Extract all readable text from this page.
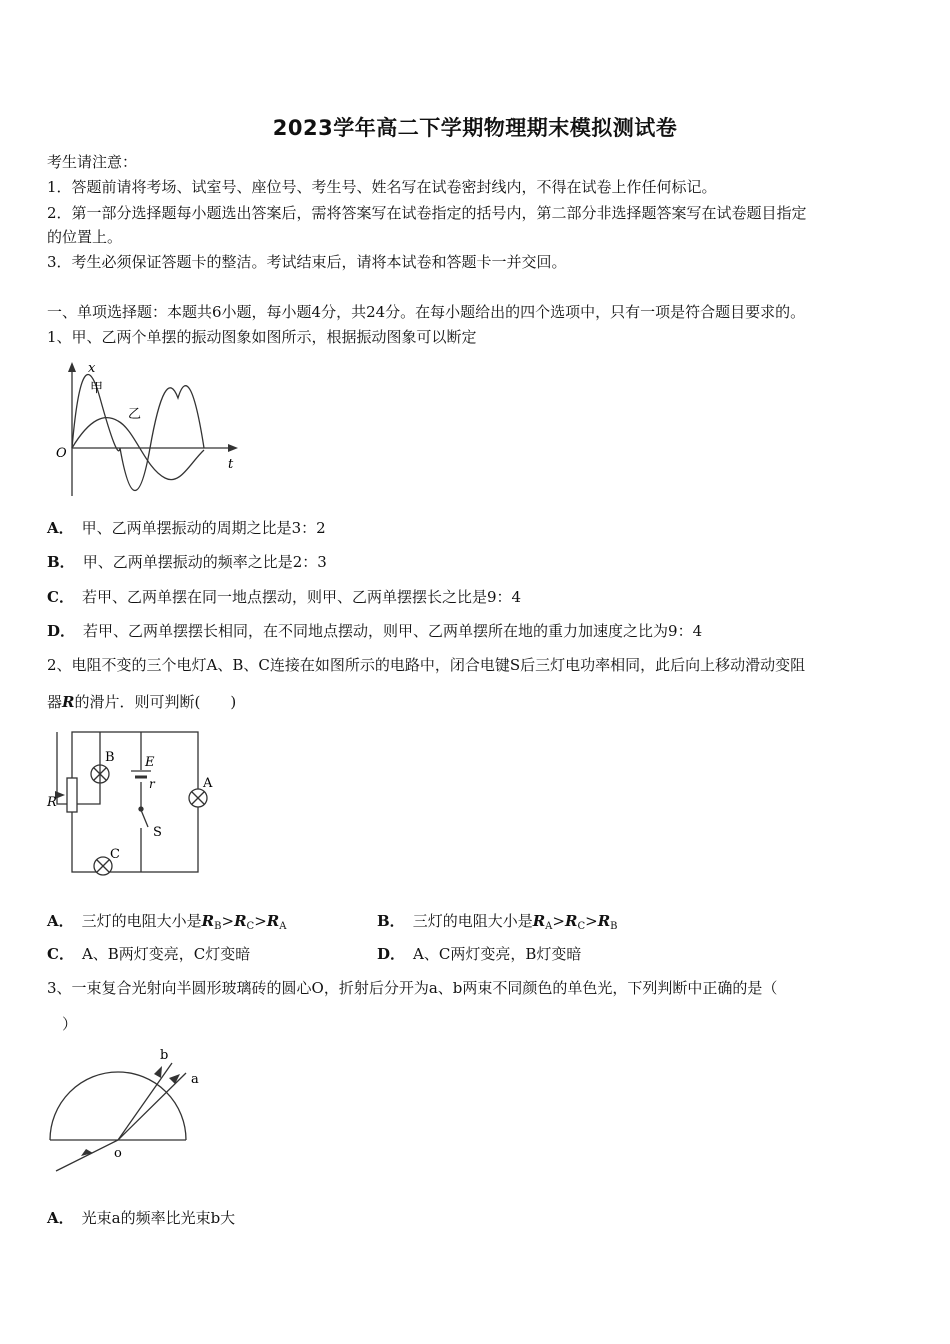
2023学年高二下学期物理期末模拟测试卷
考生请注意：
1．答题前请将考场、试室号、座位号、考生号、姓名写在试卷密封线内，不得在试卷上作任何标记。
2．第一部分选择题每小题选出答案后，需将答案写在试卷指定的括号内，第二部分非选择题答案写在试卷题目指定
的位置上。
3．考生必须保证答题卡的整洁。考试结束后，请将本试卷和答题卡一并交回。
一、单项选择题：本题共6小题，每小题4分，共24分。在每小题给出的四个选项中，只有一项是符合题目要求的。
1、甲、乙两个单摆的振动图象如图所示，根据振动图象可以断定
x
甲
乙
O
t
A． 甲、乙两单摆振动的周期之比是3：2
B． 甲、乙两单摆振动的频率之比是2：3
C． 若甲、乙两单摆在同一地点摆动，则甲、乙两单摆摆长之比是9：4
D． 若甲、乙两单摆摆长相同，在不同地点摆动，则甲、乙两单摆所在地的重力加速度之比为9：4
2、电阻不变的三个电灯A、B、C连接在如图所示的电路中，闭合电键S后三灯电功率相同，此后向上移动滑动变阻
器R的滑片．则可判断(　　)
B E
r	A
R
S
C
A． 三灯的电阻大小是$R_B>R_C>R_A$	B． 三灯的电阻大小是$R_A>R_C>R_B$
C． A、B两灯变亮，C灯变暗	D． A、C两灯变亮，B灯变暗
3、一束复合光射向半圆形玻璃砖的圆心O，折射后分开为a、b两束不同颜色的单色光，下列判断中正确的是（
）
b
a
o
A． 光束a的频率比光束b大
